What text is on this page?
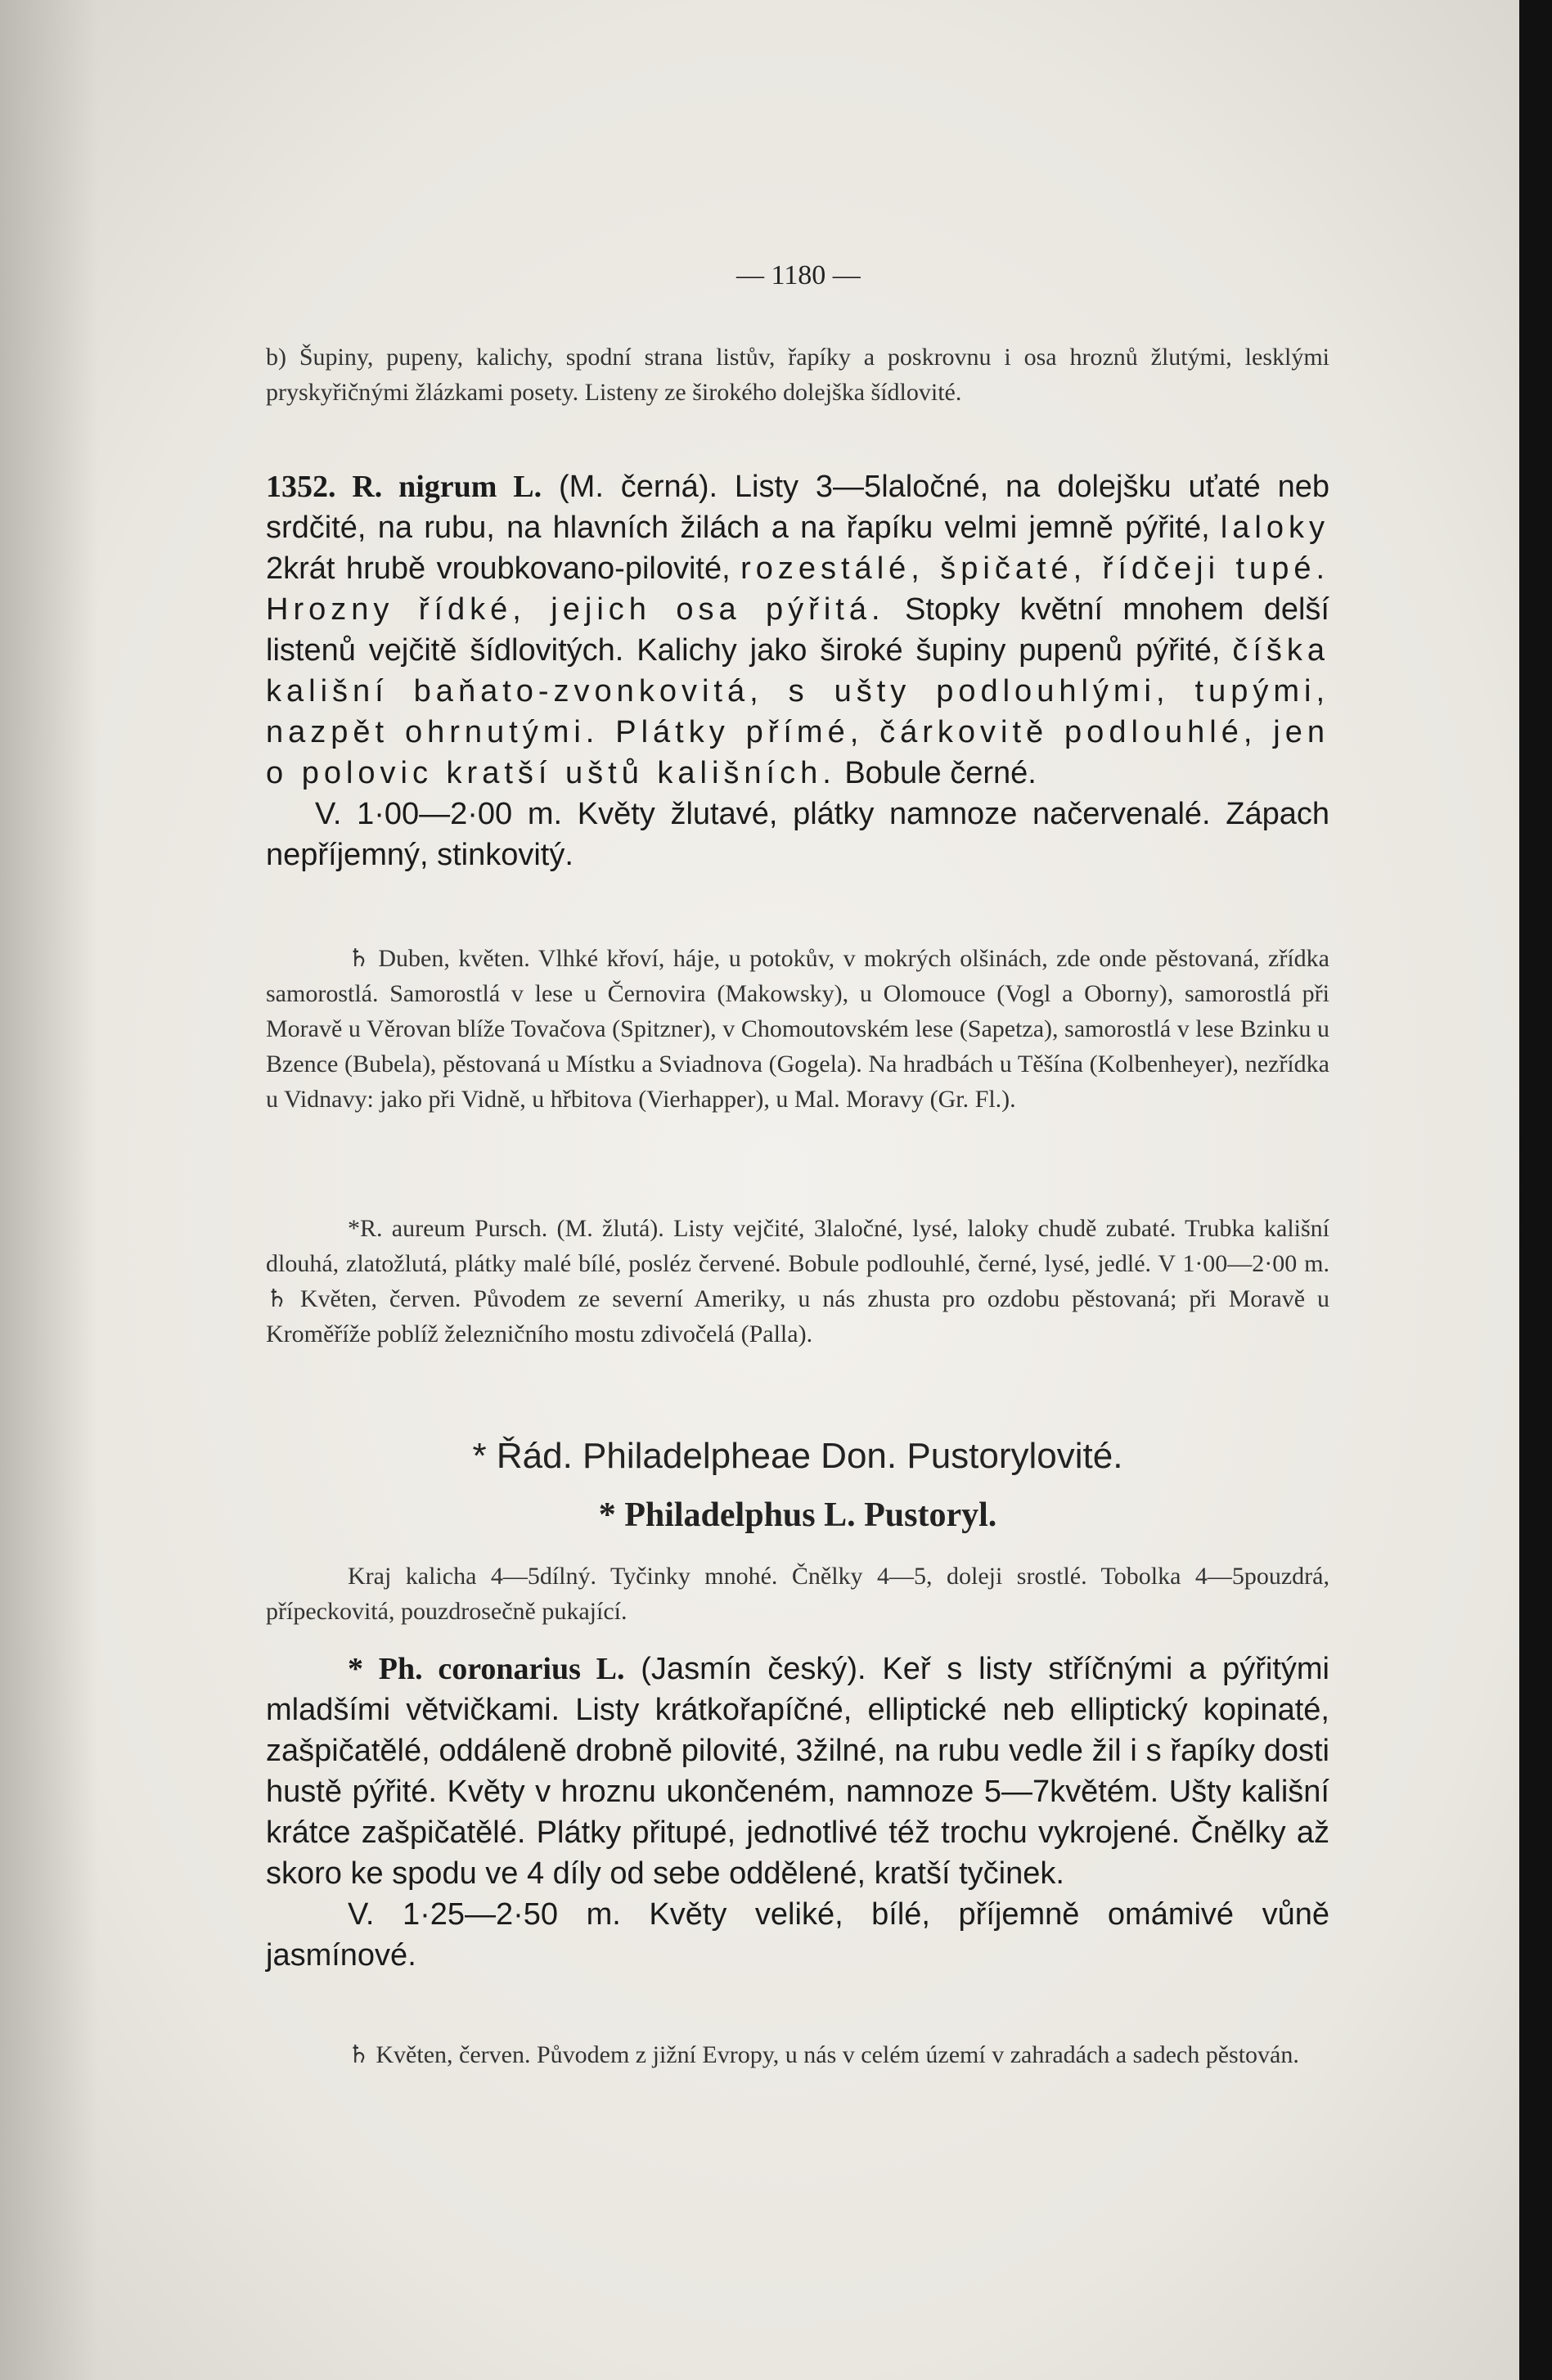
— 1180 —

b) Šupiny, pupeny, kalichy, spodní strana listův, řapíky a poskrovnu i osa hroznů žlutými, lesklými pryskyřičnými žlázkami posety. Listeny ze širokého dolejška šídlovité.

1352. R. nigrum L. (M. černá). Listy 3—5laločné, na dolejšku uťaté neb srdčité, na rubu, na hlavních žilách a na řapíku velmi jemně pýřité, laloky 2krát hrubě vroubkovano-pilovité, rozestálé, špičaté, řídčeji tupé. Hrozny řídké, jejich osa pýřitá. Stopky květní mnohem delší listenů vejčitě šídlovitých. Kalichy jako široké šupiny pupenů pýřité, číška kališní baňato-zvonkovitá, s ušty podlouhlými, tupými, nazpět ohrnutými. Plátky přímé, čárkovitě podlouhlé, jen o polovic kratší uštů kališních. Bobule černé.

V. 1·00—2·00 m. Květy žlutavé, plátky namnoze načervenalé. Zápach nepříjemný, stinkovitý.

♄ Duben, květen. Vlhké křoví, háje, u potokův, v mokrých olšinách, zde onde pěstovaná, zřídka samorostlá. Samorostlá v lese u Černovira (Makowsky), u Olomouce (Vogl a Oborny), samorostlá při Moravě u Věrovan blíže Tovačova (Spitzner), v Chomoutovském lese (Sapetza), samorostlá v lese Bzinku u Bzence (Bubela), pěstovaná u Místku a Sviadnova (Gogela). Na hradbách u Těšína (Kolbenheyer), nezřídka u Vidnavy: jako při Vidně, u hřbitova (Vierhapper), u Mal. Moravy (Gr. Fl.).

*R. aureum Pursch. (M. žlutá). Listy vejčité, 3laločné, lysé, laloky chudě zubaté. Trubka kališní dlouhá, zlatožlutá, plátky malé bílé, posléz červené. Bobule podlouhlé, černé, lysé, jedlé. V 1·00—2·00 m. ♄ Květen, červen. Původem ze severní Ameriky, u nás zhusta pro ozdobu pěstovaná; při Moravě u Kroměříže poblíž železničního mostu zdivočelá (Palla).

* Řád. Philadelpheae Don. Pustorylovité.
* Philadelphus L. Pustoryl.

Kraj kalicha 4—5dílný. Tyčinky mnohé. Čnělky 4—5, doleji srostlé. Tobolka 4—5pouzdrá, přípeckovitá, pouzdrosečně pukající.

* Ph. coronarius L. (Jasmín český). Keř s listy stříčnými a pýřitými mladšími větvičkami. Listy krátkořapíčné, elliptické neb elliptický kopinaté, zašpičatělé, oddáleně drobně pilovité, 3žilné, na rubu vedle žil i s řapíky dosti hustě pýřité. Květy v hroznu ukončeném, namnoze 5—7květém. Ušty kališní krátce zašpičatělé. Plátky přitupé, jednotlivé též trochu vykrojené. Čnělky až skoro ke spodu ve 4 díly od sebe oddělené, kratší tyčinek.

V. 1·25—2·50 m. Květy veliké, bílé, příjemně omámivé vůně jasmínové.

♄ Květen, červen. Původem z jižní Evropy, u nás v celém území v zahradách a sadech pěstován.
